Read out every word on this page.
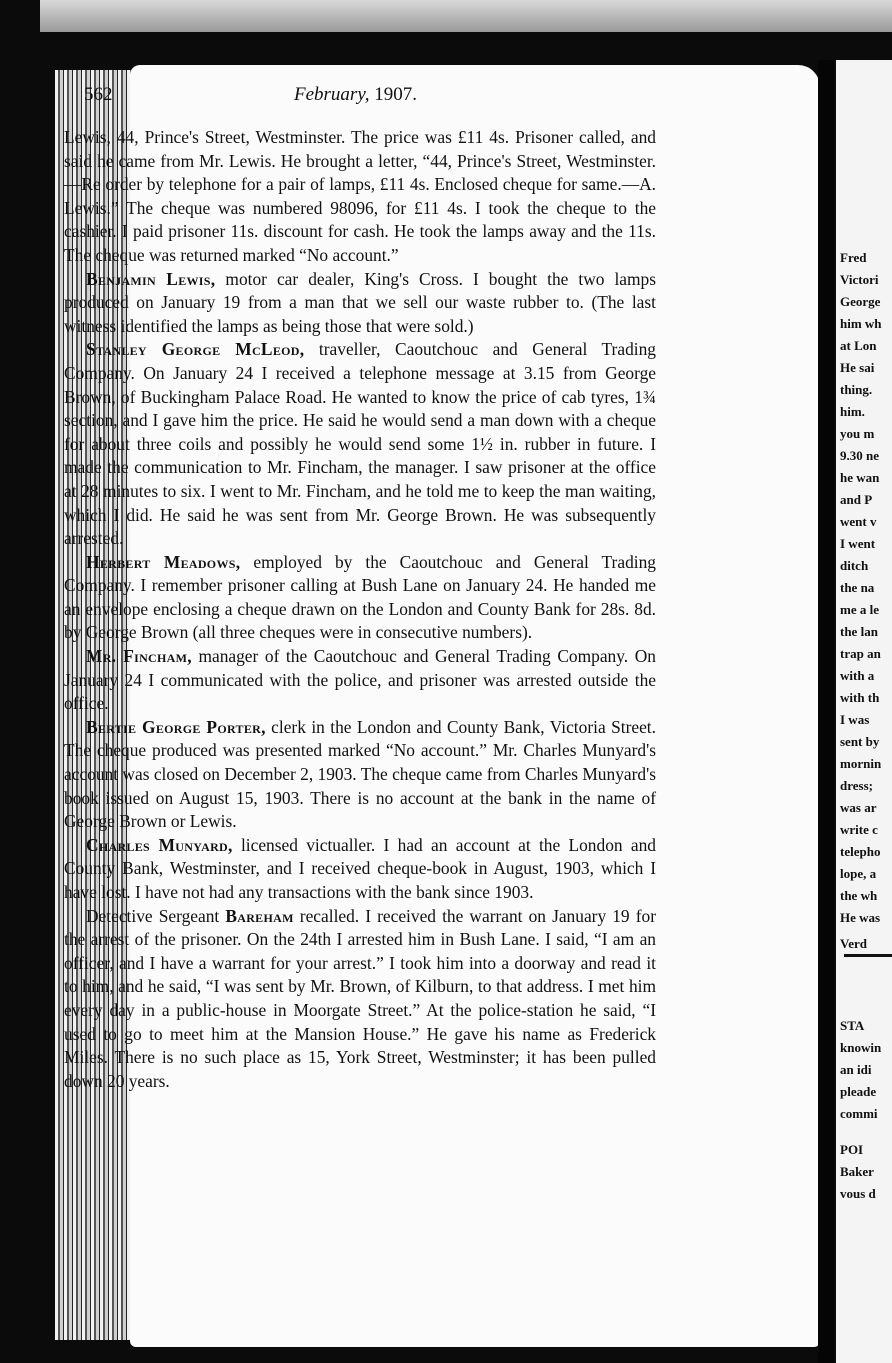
562	February, 1907.

Lewis, 44, Prince's Street, Westminster. The price was £11 4s. Prisoner called, and said he came from Mr. Lewis. He brought a letter, “44, Prince's Street, Westminster.—Re order by telephone for a pair of lamps, £11 4s. Enclosed cheque for same.—A. Lewis.” The cheque was numbered 98096, for £11 4s. I took the cheque to the cashier. I paid prisoner 11s. discount for cash. He took the lamps away and the 11s. The cheque was returned marked “No account.”

Benjamin Lewis, motor car dealer, King's Cross. I bought the two lamps produced on January 19 from a man that we sell our waste rubber to. (The last witness identified the lamps as being those that were sold.)

Stanley George McLeod, traveller, Caoutchouc and General Trading Company. On January 24 I received a telephone message at 3.15 from George Brown, of Buckingham Palace Road. He wanted to know the price of cab tyres, 1¾ section, and I gave him the price. He said he would send a man down with a cheque for about three coils and possibly he would send some 1½ in. rubber in future. I made the communication to Mr. Fincham, the manager. I saw prisoner at the office at 28 minutes to six. I went to Mr. Fincham, and he told me to keep the man waiting, which I did. He said he was sent from Mr. George Brown. He was subsequently arrested.

Herbert Meadows, employed by the Caoutchouc and General Trading Company. I remember prisoner calling at Bush Lane on January 24. He handed me an envelope enclosing a cheque drawn on the London and County Bank for 28s. 8d. by George Brown (all three cheques were in consecutive numbers).

Mr. Fincham, manager of the Caoutchouc and General Trading Company. On January 24 I communicated with the police, and prisoner was arrested outside the office.

Bertie George Porter, clerk in the London and County Bank, Victoria Street. The cheque produced was presented marked “No account.” Mr. Charles Munyard's account was closed on December 2, 1903. The cheque came from Charles Munyard's book issued on August 15, 1903. There is no account at the bank in the name of George Brown or Lewis.

Charles Munyard, licensed victualler. I had an account at the London and County Bank, Westminster, and I received cheque-book in August, 1903, which I have lost. I have not had any transactions with the bank since 1903.

Detective Sergeant Bareham recalled. I received the warrant on January 19 for the arrest of the prisoner. On the 24th I arrested him in Bush Lane. I said, “I am an officer, and I have a warrant for your arrest.” I took him into a doorway and read it to him, and he said, “I was sent by Mr. Brown, of Kilburn, to that address. I met him every day in a public-house in Moorgate Street.” At the police-station he said, “I used to go to meet him at the Mansion House.” He gave his name as Frederick Miles. There is no such place as 15, York Street, Westminster; it has been pulled down 20 years.

Fred
Victori
George
him wh
at Lon
He sai
thing.
him.
you m
9.30 ne
he wan
and P
went v
I went
ditch
the na
me a le
the lan
trap an
with a
with th
I was
sent by
mornin
dress;
was ar
write c
telepho
lope, a
the wh
He was
Verd
STA
knowin
an idi
pleade
commi
POI
Baker
vous d
